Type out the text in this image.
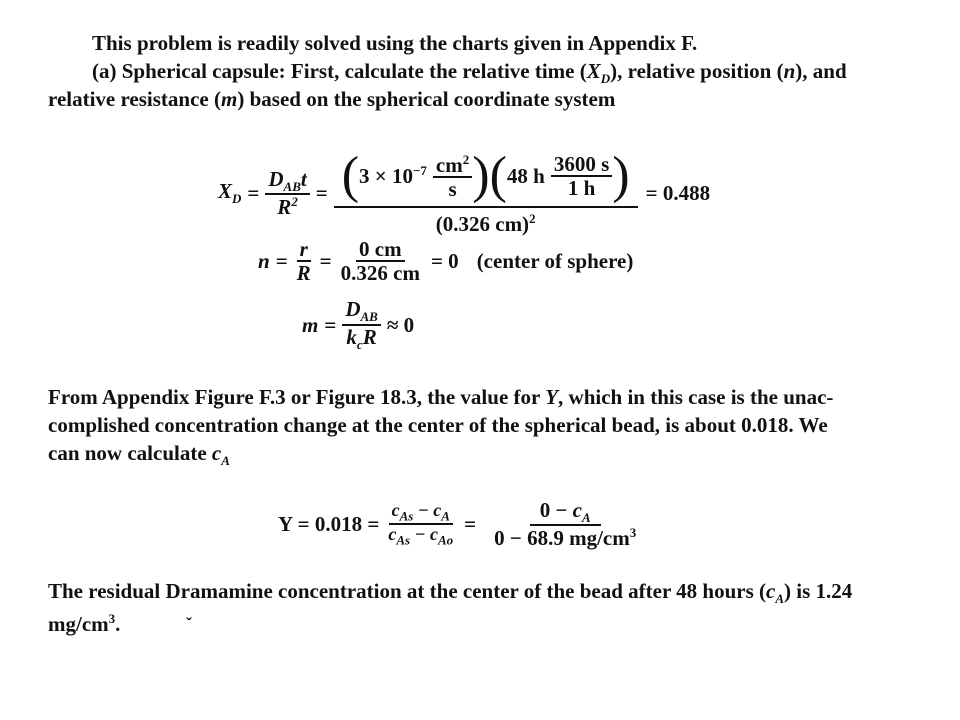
This problem is readily solved using the charts given in Appendix F.
(a) Spherical capsule: First, calculate the relative time $(X_D)$, relative position (n), and
relative resistance (m) based on the spherical coordinate system
$X_D = \frac{D_{AB}t}{R^2}$ = ( $3 \times 10^{-7} \frac{cm^2}{s}$ ) ( 48 h $\frac{3600 s}{1 h}$ )
(0.326 cm)$^2$
= 0.488
$n = \frac{r}{R} = \frac{0 cm}{0.326 cm} = 0$ (center of sphere)
$m = \frac{D_{AB}}{k_cR} \approx 0$
From Appendix Figure F.3 or Figure 18.3, the value for Y, which in this case is the unac-
complished concentration change at the center of the spherical bead, is about 0.018. We
can now calculate $c_A$
$Y = 0.018 = \frac{c_{As} - c_A}{c_{As} - c_{Ao}} = \frac{0 - c_A}{0 - 68.9 mg/cm^3}$
The residual Dramamine concentration at the center of the bead after 48 hours $(c_A)$ is 1.24
$mg/cm^3$.	ˇ
